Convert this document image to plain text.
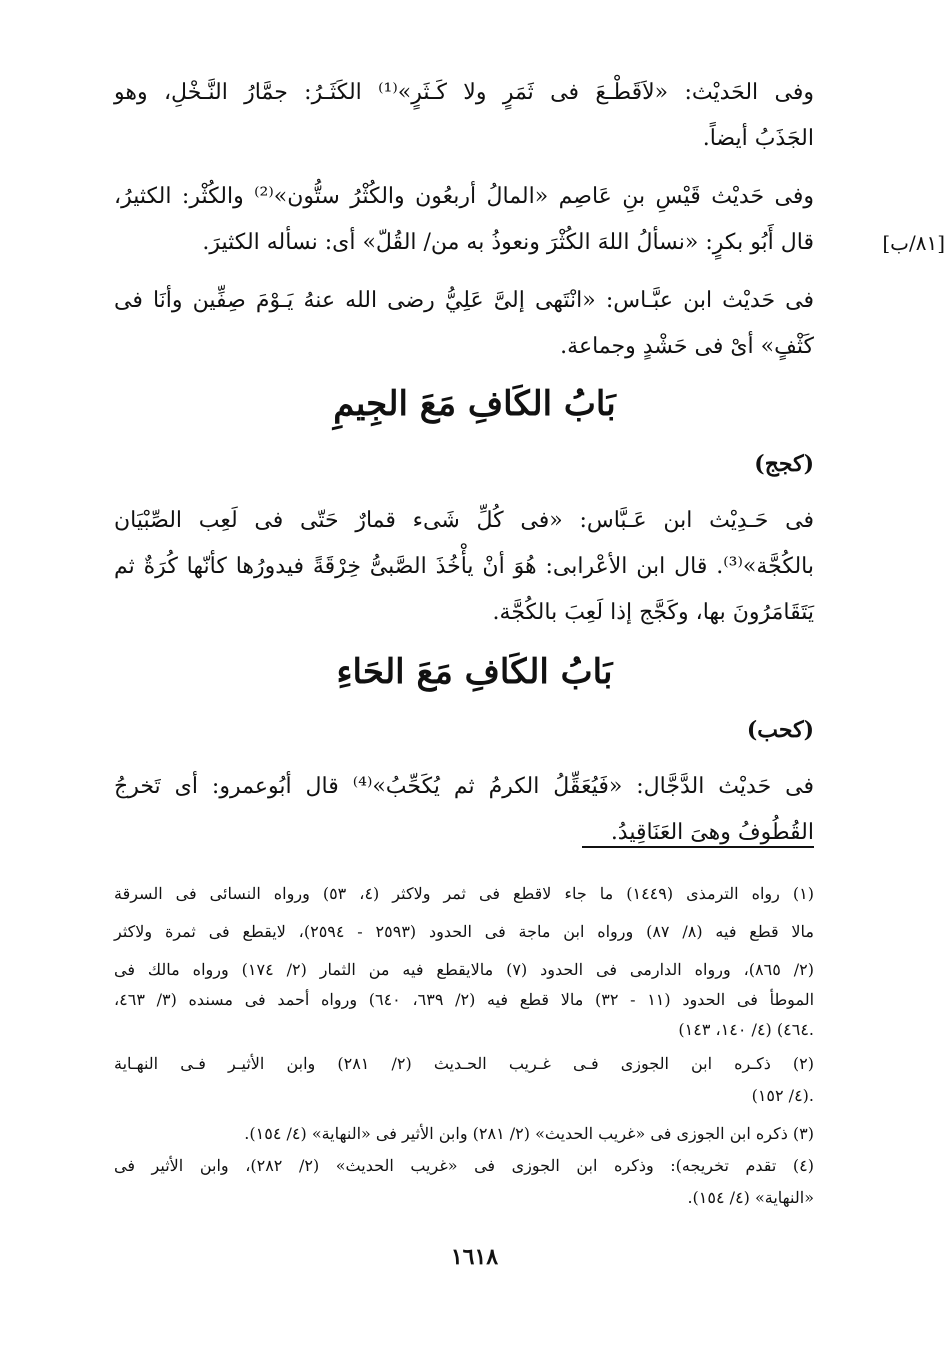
وفى الحَديْث: «لاَقَطْـعَ فى ثَمَرٍ ولا كَـثَرٍ»⁽¹⁾ الكَثَـرُ: جمَّارُ النَّـخْلِ، وهو
الجَذَبُ أيضاً.
وفى حَديْث قَيْسِ بنِ عَاصِم «المالُ أربعُون والكُثْرُ ستُّون»⁽²⁾ والكُثْر: الكثيرُ،
قال أَبُو بكرٍ: «نسألُ اللهَ الكُثْرَ ونعوذُ به من/ القُلّ» أى: نسأله الكثيرَ.	[٨١/ب]
فى حَديْث ابن عبَّـاس: «انْتَهى إلىَّ عَلِيُّ رضى الله عنهُ يَـوْمَ صِفِّين وأنَا فى
كَثْفٍ» أىْ فى حَشْدٍ وجماعة.
بَابُ الكَافِ مَعَ الجِيمِ
(كجج)
فى حَـدِيْث ابن عَـبَّاس: «فى كُلِّ شَىء قمارٌ حَتّى فى لَعِب الصِّبْيَان
بالكُجَّة»⁽³⁾. قال ابن الأعْرابى: هُوَ أنْ يأْخُذَ الصَّبىُّ خِرْقَةً فيدورُها كأنّها كُرَةٌ ثم
يَتَقَامَرُونَ بها، وكَجَّج إذا لَعِبَ بالكُجَّة.
بَابُ الكَافِ مَعَ الحَاءِ
(كحب)
فى حَديْث الدَّجَّال: «فَيُعَقِّلُ الكرمُ ثم يُكَحِّبُ»⁽⁴⁾ قال أبُوعمرو: أى تَخرجُ
القُطُوفُ وهىَ العَنَاقِيدُ.
(١) رواه الترمذى (١٤٤٩) ما جاء لاقطع فى ثمر ولاكثر (٤، ٥٣) ورواه النسائى فى السرقة
مالا قطع فيه (٨/ ٨٧) ورواه ابن ماجة فى الحدود (٢٥٩٣ - ٢٥٩٤)، لايقطع فى ثمرة ولاكثر
(٢/ ٨٦٥)، ورواه الدارمى فى الحدود (٧) مالايقطع فيه من الثمار (٢/ ١٧٤) ورواه مالك فى
الموطأ فى الحدود (١١ - ٣٢) مالا قطع فيه (٢/ ٦٣٩، ٦٤٠) ورواه أحمد فى مسنده (٣/ ٤٦٣،
٤٦٤) (٤/ ١٤٠، ١٤٣).
(٢) ذكـره ابن الجوزى فـى غـريب الحـديث (٢/ ٢٨١) وابن الأثيـر فـى النهـاية
(٤/ ١٥٢).
(٣) ذكره ابن الجوزى فى «غريب الحديث» (٢/ ٢٨١) وابن الأثير فى «النهاية» (٤/ ١٥٤).
(٤) تقدم تخريجه): وذكره ابن الجوزى فى «غريب الحديث» (٢/ ٢٨٢)، وابن الأثير فى
«النهاية» (٤/ ١٥٤).
١٦١٨
